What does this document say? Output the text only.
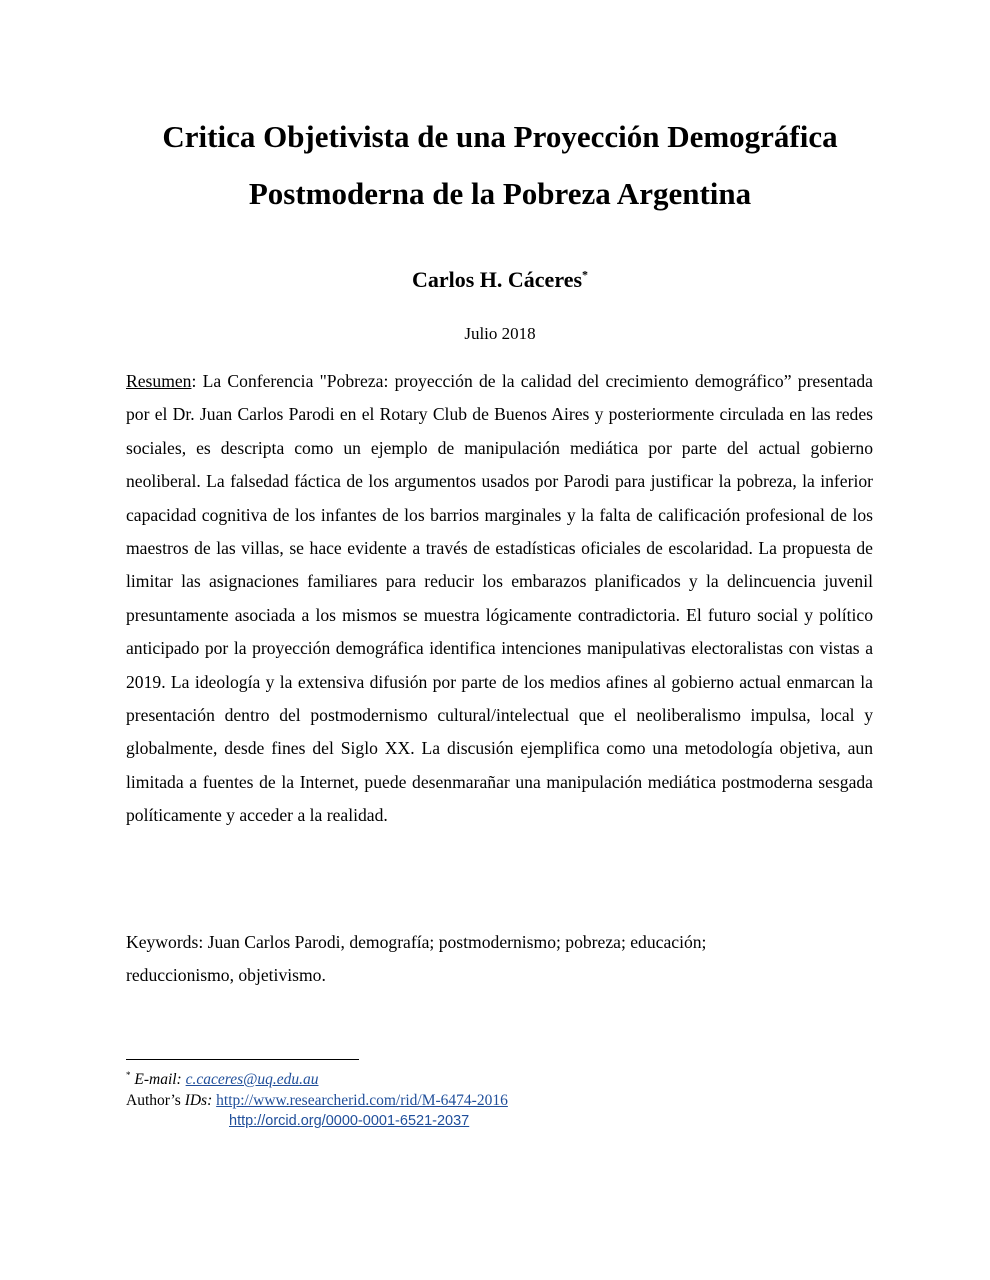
Critica Objetivista de una Proyección Demográfica
Postmoderna de la Pobreza Argentina
Carlos H. Cáceres*
Julio 2018

Resumen: La Conferencia "Pobreza: proyección de la calidad del crecimiento demográfico” presentada por el Dr. Juan Carlos Parodi en el Rotary Club de Buenos Aires y posteriormente circulada en las redes sociales, es descripta como un ejemplo de manipulación mediática por parte del actual gobierno neoliberal. La falsedad fáctica de los argumentos usados por Parodi para justificar la pobreza, la inferior capacidad cognitiva de los infantes de los barrios marginales y la falta de calificación profesional de los maestros de las villas, se hace evidente a través de estadísticas oficiales de escolaridad. La propuesta de limitar las asignaciones familiares para reducir los embarazos planificados y la delincuencia juvenil presuntamente asociada a los mismos se muestra lógicamente contradictoria. El futuro social y político anticipado por la proyección demográfica identifica intenciones manipulativas electoralistas con vistas a 2019. La ideología y la extensiva difusión por parte de los medios afines al gobierno actual enmarcan la presentación dentro del postmodernismo cultural/intelectual que el neoliberalismo impulsa, local y globalmente, desde fines del Siglo XX. La discusión ejemplifica como una metodología objetiva, aun limitada a fuentes de la Internet, puede desenmarañar una manipulación mediática postmoderna sesgada políticamente y acceder a la realidad.

Keywords: Juan Carlos Parodi, demografía; postmodernismo; pobreza; educación;
reduccionismo, objetivismo.

* E-mail: c.caceres@uq.edu.au
Author’s IDs: http://www.researcherid.com/rid/M-6474-2016
http://orcid.org/0000-0001-6521-2037
